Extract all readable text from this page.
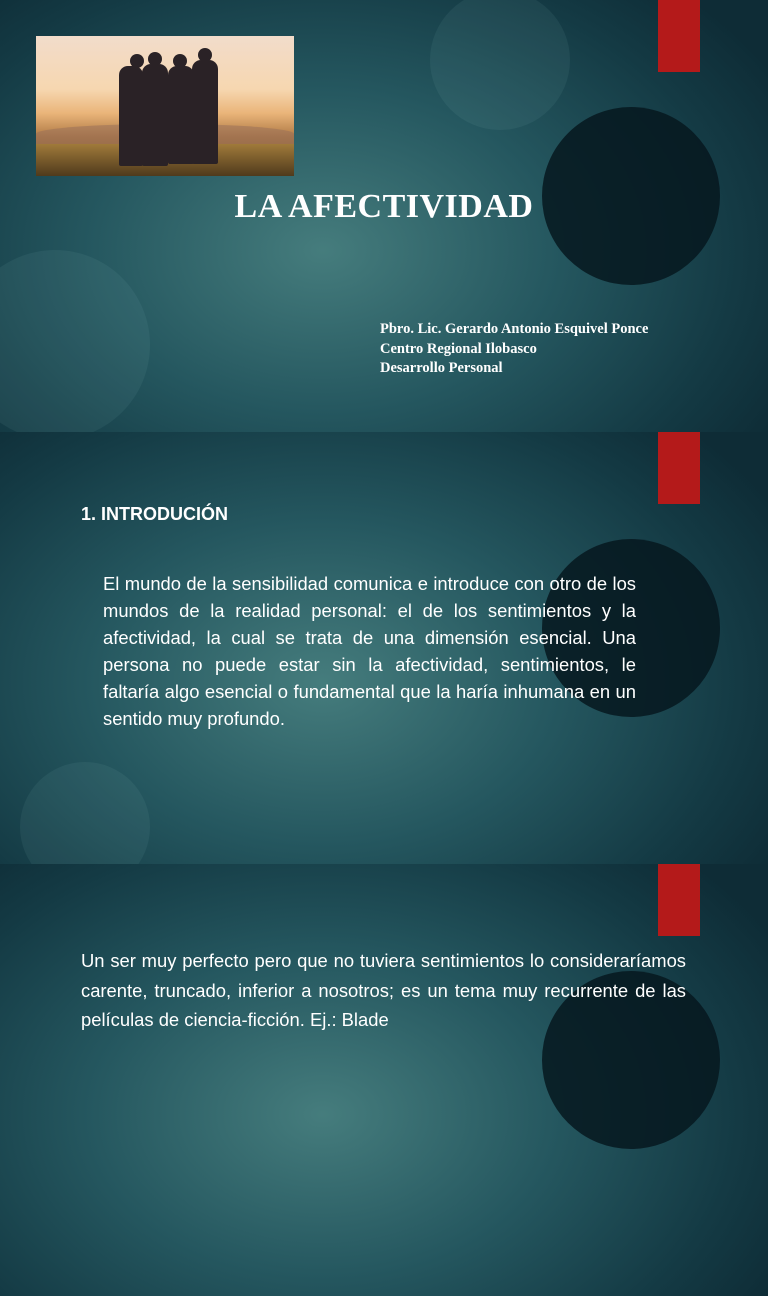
LA AFECTIVIDAD
Pbro. Lic. Gerardo Antonio Esquivel Ponce
Centro Regional Ilobasco
Desarrollo Personal
1. INTRODUCIÓN
El mundo de la sensibilidad comunica e introduce con otro de los mundos de la realidad personal: el de los sentimientos y la afectividad, la cual se trata de una dimensión esencial. Una persona no puede estar sin la afectividad, sentimientos, le faltaría algo esencial o fundamental que la haría inhumana en un sentido muy profundo.
Un ser muy perfecto pero que no tuviera sentimientos lo consideraríamos carente, truncado, inferior a nosotros; es un tema muy recurrente de las películas de ciencia-ficción. Ej.: Blade
